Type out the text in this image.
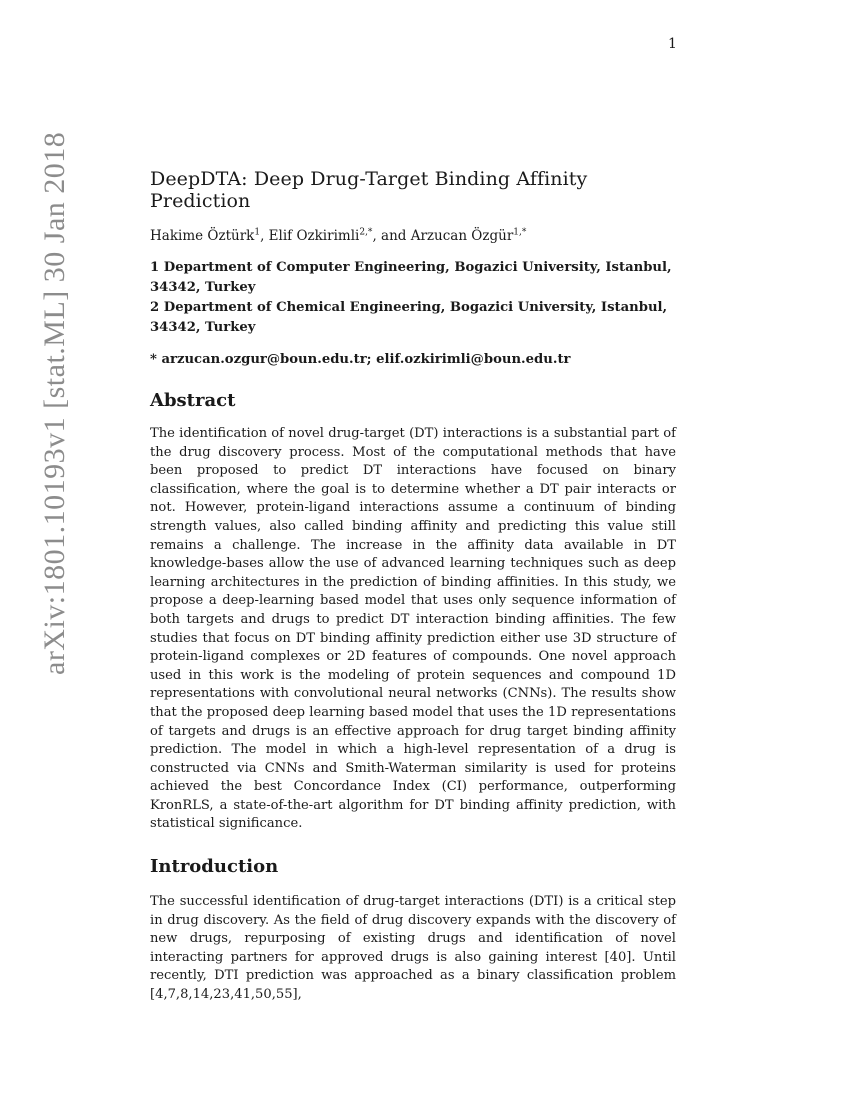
1
arXiv:1801.10193v1 [stat.ML] 30 Jan 2018	DeepDTA: Deep Drug-Target Binding Affinity Prediction
Hakime Öztürk$^1$, Elif Ozkirimli$^{2,*}$, and Arzucan Özgür$^{1,*}$
1 Department of Computer Engineering, Bogazici University, Istanbul, 34342, Turkey
2 Department of Chemical Engineering, Bogazici University, Istanbul, 34342, Turkey
* arzucan.ozgur@boun.edu.tr; elif.ozkirimli@boun.edu.tr
Abstract

The identification of novel drug-target (DT) interactions is a substantial part of the drug discovery process. Most of the computational methods that have been proposed to predict DT interactions have focused on binary classification, where the goal is to determine whether a DT pair interacts or not. However, protein-ligand interactions assume a continuum of binding strength values, also called binding affinity and predicting this value still remains a challenge. The increase in the affinity data available in DT knowledge-bases allow the use of advanced learning techniques such as deep learning architectures in the prediction of binding affinities. In this study, we propose a deep-learning based model that uses only sequence information of both targets and drugs to predict DT interaction binding affinities. The few studies that focus on DT binding affinity prediction either use 3D structure of protein-ligand complexes or 2D features of compounds. One novel approach used in this work is the modeling of protein sequences and compound 1D representations with convolutional neural networks (CNNs). The results show that the proposed deep learning based model that uses the 1D representations of targets and drugs is an effective approach for drug target binding affinity prediction. The model in which a high-level representation of a drug is constructed via CNNs and Smith-Waterman similarity is used for proteins achieved the best Concordance Index (CI) performance, outperforming KronRLS, a state-of-the-art algorithm for DT binding affinity prediction, with statistical significance.

Introduction

The successful identification of drug-target interactions (DTI) is a critical step in drug discovery. As the field of drug discovery expands with the discovery of new drugs, repurposing of existing drugs and identification of novel interacting partners for approved drugs is also gaining interest [40]. Until recently, DTI prediction was approached as a binary classification problem [4,7,8,14,23,41,50,55],
